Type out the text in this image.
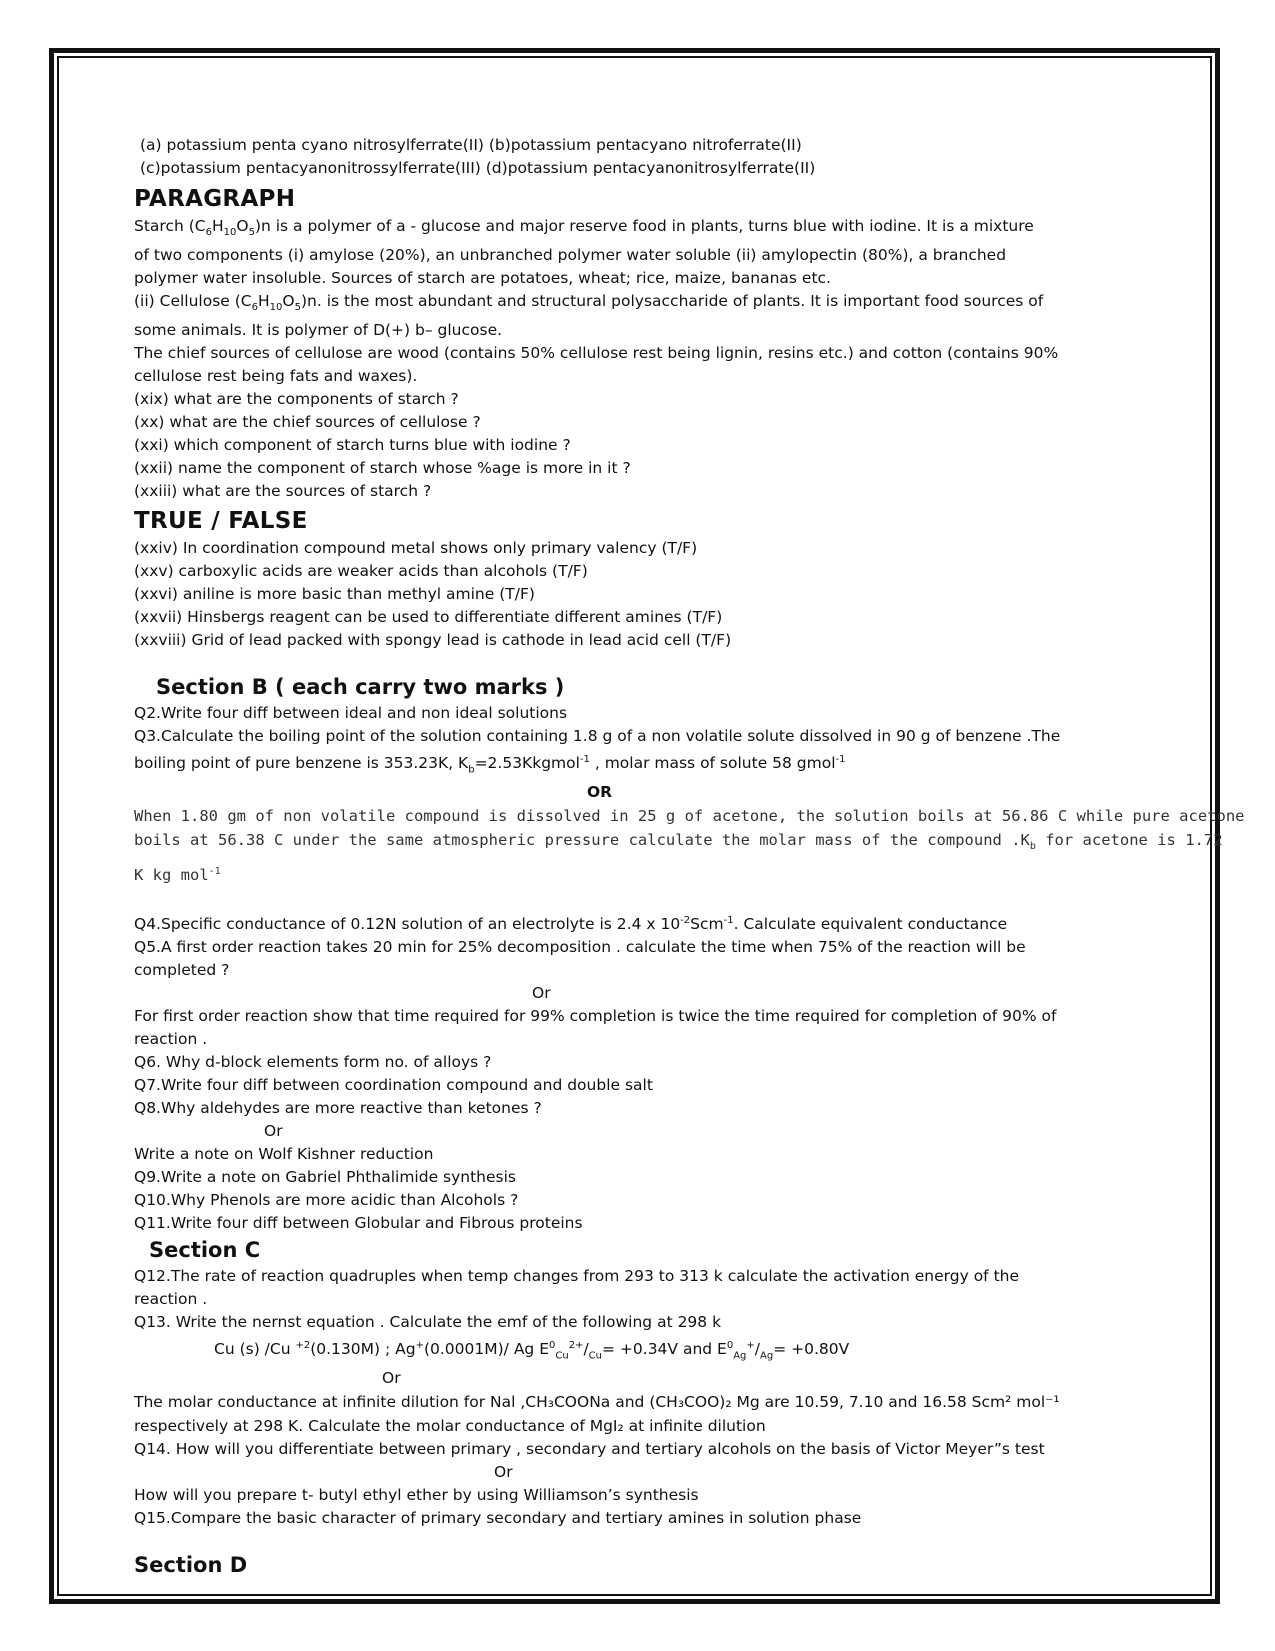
(a) potassium penta cyano nitrosylferrate(II) (b)potassium pentacyano nitroferrate(II)
(c)potassium pentacyanonitrossylferrate(III) (d)potassium pentacyanonitrosylferrate(II)
PARAGRAPH
Starch $(C_6H_{10}O_5)n$ is a polymer of a - glucose and major reserve food in plants, turns blue with iodine. It is a mixture
of two components (i) amylose (20%), an unbranched polymer water soluble (ii) amylopectin (80%), a branched
polymer water insoluble. Sources of starch are potatoes, wheat; rice, maize, bananas etc.
(ii) Cellulose $(C_6H_{10}O_5)n$. is the most abundant and structural polysaccharide of plants. It is important food sources of
some animals. It is polymer of D(+) b– glucose.
The chief sources of cellulose are wood (contains 50% cellulose rest being lignin, resins etc.) and cotton (contains 90%
cellulose rest being fats and waxes).
(xix) what are the components of starch ?
(xx) what are the chief sources of cellulose ?
(xxi) which component of starch turns blue with iodine ?
(xxii) name the component of starch whose %age is more in it ?
(xxiii) what are the sources of starch ?
TRUE / FALSE
(xxiv) In coordination compound metal shows only primary valency (T/F)
(xxv) carboxylic acids are weaker acids than alcohols (T/F)
(xxvi) aniline is more basic than methyl amine (T/F)
(xxvii) Hinsbergs reagent can be used to differentiate different amines (T/F)
(xxviii) Grid of lead packed with spongy lead is cathode in lead acid cell (T/F)
Section B ( each carry two marks )
Q2.Write four diff between ideal and non ideal solutions
Q3.Calculate the boiling point of the solution containing 1.8 g of a non volatile solute dissolved in 90 g of benzene .The
boiling point of pure benzene is 353.23K, $K_b=2.53Kkgmol^{-1}$ , molar mass of solute 58 gmol$^{-1}$
OR
When 1.80 gm of non volatile compound is dissolved in 25 g of acetone, the solution boils at 56.86 C while pure acetone
boils at 56.38 C under the same atmospheric pressure calculate the molar mass of the compound $.K_b$ for acetone is 1.72
K kg mol$^{-1}$
Q4.Specific conductance of 0.12N solution of an electrolyte is 2.4 x $10^{-2}Scm^{-1}$. Calculate equivalent conductance
Q5.A first order reaction takes 20 min for 25% decomposition . calculate the time when 75% of the reaction will be
completed ?
Or
For first order reaction show that time required for 99% completion is twice the time required for completion of 90% of
reaction .
Q6. Why d-block elements form no. of alloys ?
Q7.Write four diff between coordination compound and double salt
Q8.Why aldehydes are more reactive than ketones ?
Or
Write a note on Wolf Kishner reduction
Q9.Write a note on Gabriel Phthalimide synthesis
Q10.Why Phenols are more acidic than Alcohols ?
Q11.Write four diff between Globular and Fibrous proteins
Section C
Q12.The rate of reaction quadruples when temp changes from 293 to 313 k calculate the activation energy of the
reaction .
Q13. Write the nernst equation . Calculate the emf of the following at 298 k
Cu (s) /Cu $^{+2}$(0.130M) ; Ag+(0.0001M)/ Ag $E^0_{Cu}^{2+}/_{Cu}= +0.34V$ and $E^0_{Ag}^+/_{Ag}= +0.80V$
Or
The molar conductance at infinite dilution for Nal ,CH₃COONa and (CH₃COO)₂ Mg are 10.59, 7.10 and 16.58 Scm² mol⁻¹
respectively at 298 K. Calculate the molar conductance of MgI₂ at infinite dilution
Q14. How will you differentiate between primary , secondary and tertiary alcohols on the basis of Victor Meyer”s test
Or
How will you prepare t- butyl ethyl ether by using Williamson’s synthesis
Q15.Compare the basic character of primary secondary and tertiary amines in solution phase
Section D
